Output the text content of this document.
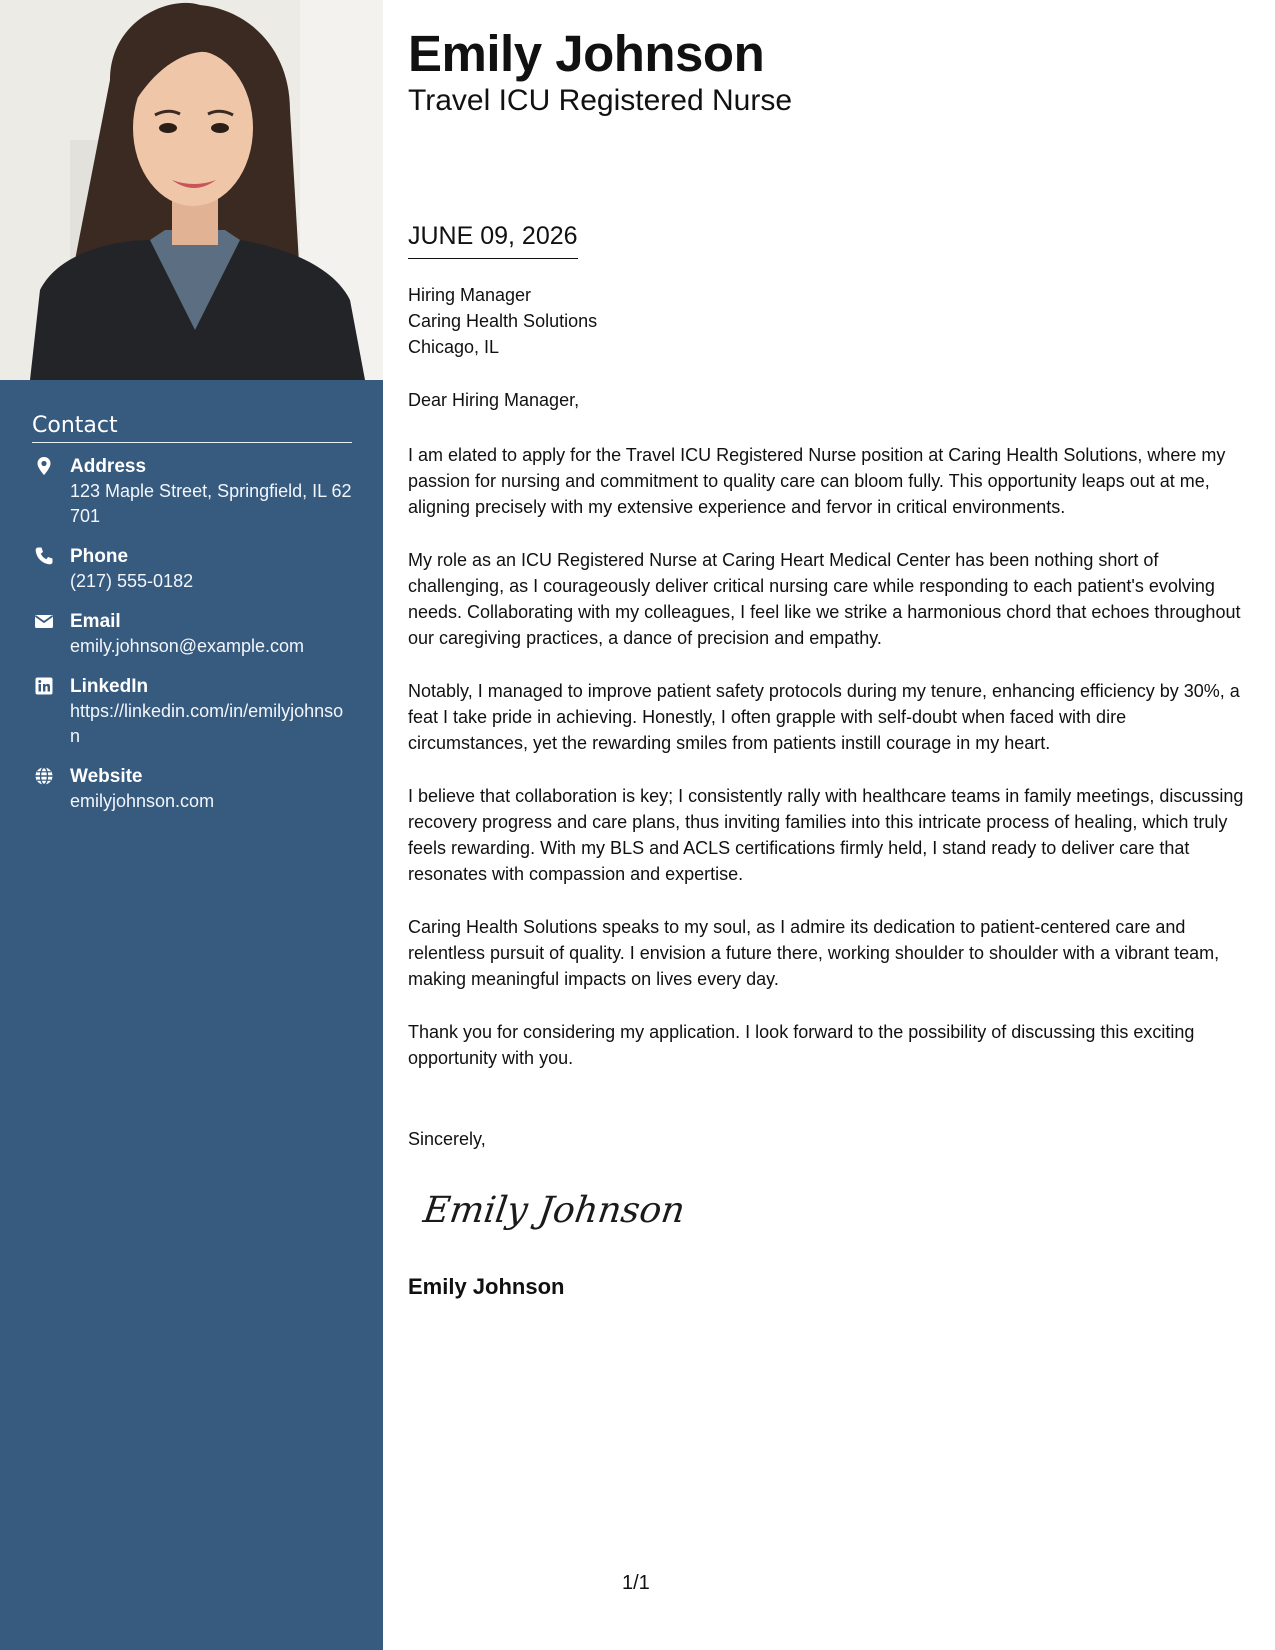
Contact
Address
123 Maple Street, Springfield, IL 62701
Phone
(217) 555-0182
Email
emily.johnson@example.com
LinkedIn
https://linkedin.com/in/emilyjohnson
Website
emilyjohnson.com
Emily Johnson
Travel ICU Registered Nurse
JUNE 09, 2026
Hiring Manager
Caring Health Solutions
Chicago, IL
Dear Hiring Manager,

I am elated to apply for the Travel ICU Registered Nurse position at Caring Health Solutions, where my passion for nursing and commitment to quality care can bloom fully. This opportunity leaps out at me, aligning precisely with my extensive experience and fervor in critical environments.

My role as an ICU Registered Nurse at Caring Heart Medical Center has been nothing short of challenging, as I courageously deliver critical nursing care while responding to each patient's evolving needs. Collaborating with my colleagues, I feel like we strike a harmonious chord that echoes throughout our caregiving practices, a dance of precision and empathy.

Notably, I managed to improve patient safety protocols during my tenure, enhancing efficiency by 30%, a feat I take pride in achieving. Honestly, I often grapple with self-doubt when faced with dire circumstances, yet the rewarding smiles from patients instill courage in my heart.

I believe that collaboration is key; I consistently rally with healthcare teams in family meetings, discussing recovery progress and care plans, thus inviting families into this intricate process of healing, which truly feels rewarding. With my BLS and ACLS certifications firmly held, I stand ready to deliver care that resonates with compassion and expertise.

Caring Health Solutions speaks to my soul, as I admire its dedication to patient-centered care and relentless pursuit of quality. I envision a future there, working shoulder to shoulder with a vibrant team, making meaningful impacts on lives every day.

Thank you for considering my application. I look forward to the possibility of discussing this exciting opportunity with you.

Sincerely,
Emily Johnson
Emily Johnson
1/1
